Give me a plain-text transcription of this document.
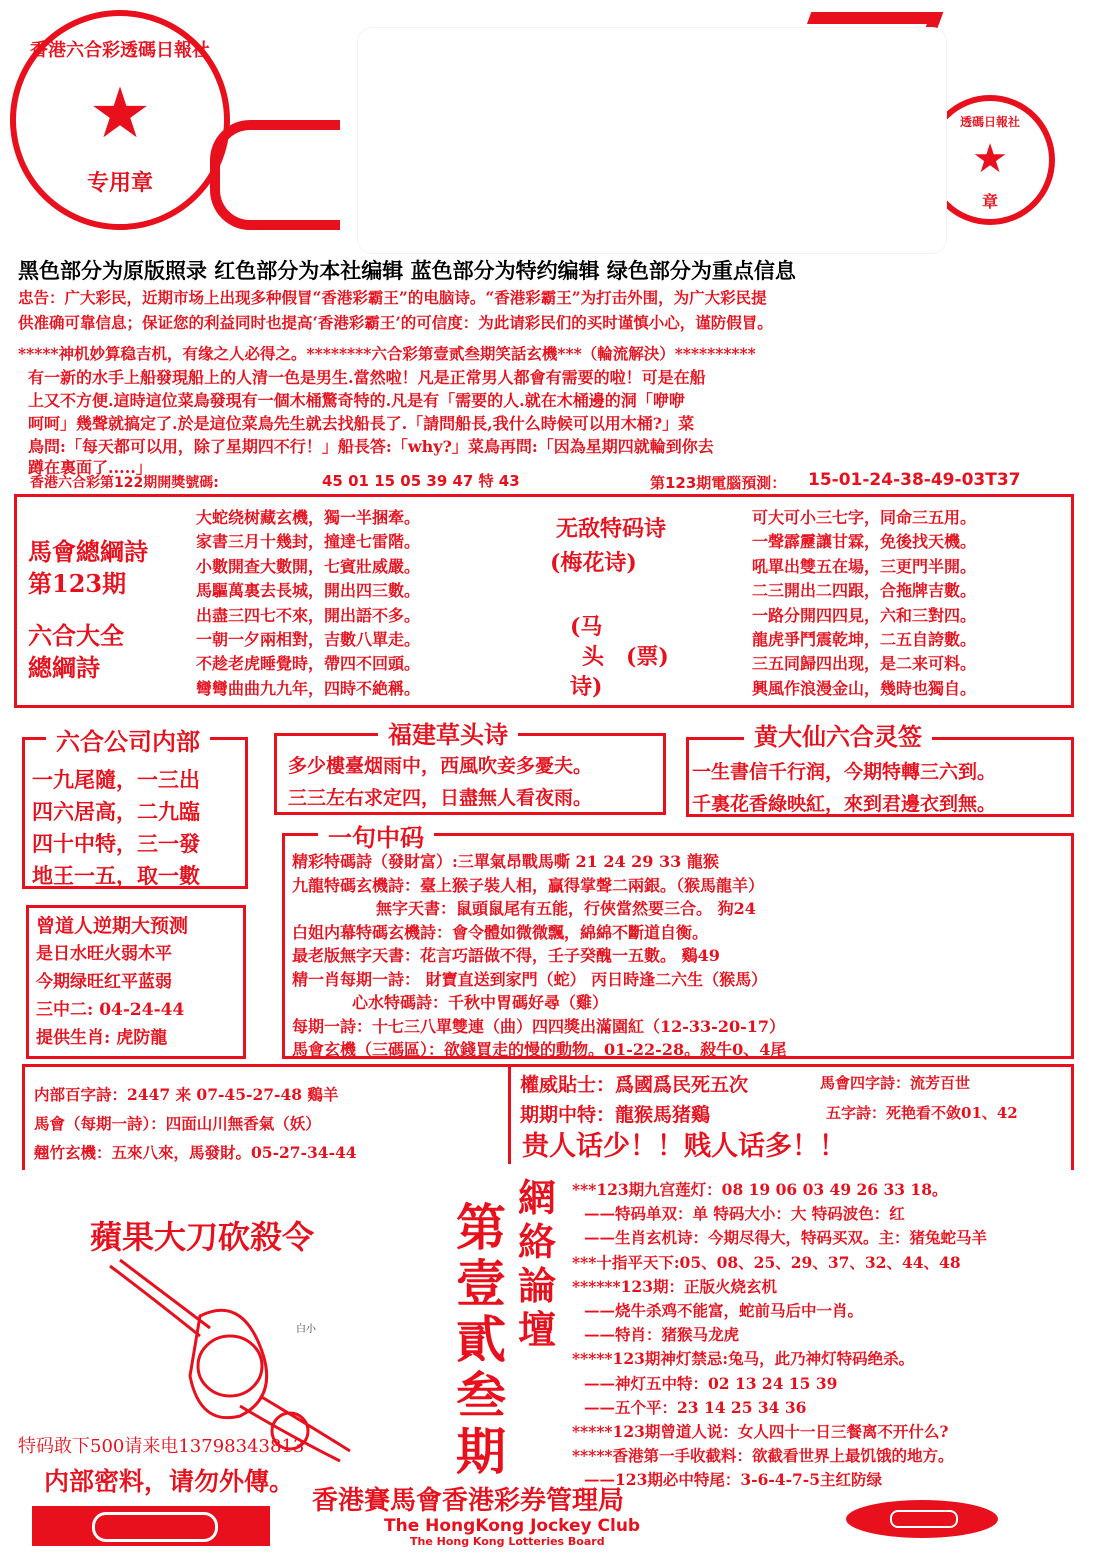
★
香港六合彩透碼日報社
专用章
★
透碼日報社
章
黑色部分为原版照录 红色部分为本社编辑 蓝色部分为特约编辑 绿色部分为重点信息
忠告：广大彩民，近期市场上出现多种假冒“香港彩霸王”的电脑诗。“香港彩霸王”为打击外围，为广大彩民提
供准确可靠信息；保证您的利益同时也提高‘香港彩霸王’的可信度：为此请彩民们的买时谨慎小心，谨防假冒。
*****神机妙算稳吉机，有缘之人必得之。********六合彩第壹贰叁期笑話玄機***（輪流解決）**********
有一新的水手上船發現船上的人清一色是男生.當然啦！凡是正常男人都會有需要的啦！可是在船
上又不方便.這時這位菜鳥發現有一個木桶驚奇特的.凡是有「需要的人.就在木桶邊的洞「咿咿
呵呵」幾聲就搞定了.於是這位菜鳥先生就去找船長了.「請問船長,我什么時候可以用木桶?」菜
鳥問:「每天都可以用，除了星期四不行！」船長答:「why?」菜鳥再問:「因為星期四就輪到你去
蹲在裏面了.....」
香港六合彩第122期開獎號碼:	45 01 15 05 39 47 特 43	第123期電腦預測： 15-01-24-38-49-03T37
馬會總綱詩
第123期
六合大全
總綱詩
大蛇绕树藏玄機，獨一半捆牽。
家書三月十幾封，撞達七雷階。
小數開查大數開，七賓壯威嚴。
馬驅萬裏去長城，開出四三數。
出盡三四七不來，開出語不多。
一朝一夕兩相對，吉數八單走。
不趁老虎睡覺時，帶四不回頭。
彎彎曲曲九九年，四時不絶稱。
无敌特码诗
(梅花诗)
(马
头
诗)
(票)
可大可小三七字，同命三五用。
一聲霹靂讓甘霖，免後找天機。
吼單出雙五在場，三更門半開。
二三開出二四跟，合拖牌吉數。
一路分開四四見，六和三對四。
龍虎爭鬥震乾坤，二五自誇數。
三五同歸四出现，是二来可料。
興風作浪漫金山，幾時也獨自。
六合公司内部
一九尾隨，一三出
四六居高，二九臨
四十中特，三一發
地王一五，取一數
福建草头诗
多少樓臺烟雨中，西風吹妾多憂夫。
三三左右求定四，日盡無人看夜雨。
黄大仙六合灵签
一生書信千行润，今期特轉三六到。
千裏花香綠映紅，來到君邊衣到無。
一句中码
精彩特碼詩（發財富）:三單氣昂戰馬嘶 21 24 29 33 龍猴
九龍特碼玄機詩：臺上猴子裝人相，贏得掌聲二兩銀。（猴馬龍羊）
無字天書：鼠頭鼠尾有五能，行俠當然要三合。 狗24
白姐内幕特碼玄機詩：會令體如微微飄，綿綿不斷道自衡。
最老版無字天書：花言巧語做不得，壬子癸醜一五數。 鷄49
精一肖每期一詩： 財寶直送到家門（蛇） 丙日時逢二六生（猴馬）
心水特碼詩：千秋中胃碼好尋（雞）
每期一詩：十七三八單雙連（曲）四四獎出滿園紅（12-33-20-17）
馬會玄機（三碼區）：欲錢買走的慢的動物。01-22-28。殺牛0、4尾
曾道人逆期大预测
是日水旺火弱木平
今期绿旺红平蓝弱
三中二: 04-24-44
提供生肖: 虎防龍
内部百字詩：2447 来 07-45-27-48 鷄羊
馬會（每期一詩）：四面山川無香氣（妖）
翹竹玄機：五來八來，馬發財。05-27-34-44
權威貼士：爲國爲民死五次
期期中特：龍猴馬猪鷄
馬會四字詩：流芳百世
五字詩：死艳看不敛01、42
贵人话少！！贱人话多！！
蘋果大刀砍殺令
白小
特码敢下500请来电13798343813
内部密料，请勿外傳。
網
絡
論
壇
第
壹
貳
叁
期
***123期九宫莲灯：08 19 06 03 49 26 33 18。
——特码单双：单 特码大小：大 特码波色：红
——生肖玄机诗：今期尽得大，特码买双。主：猪兔蛇马羊
***十指平天下:05、08、25、29、37、32、44、48
******123期：正版火烧玄机
——烧牛杀鸡不能富，蛇前马后中一肖。
——特肖：猪猴马龙虎
*****123期神灯禁忌:兔马，此乃神灯特码绝杀。
——神灯五中特：02 13 24 15 39
——五个平：23 14 25 34 36
*****123期曾道人说：女人四十一日三餐离不开什么?
*****香港第一手收截料：欲截看世界上最饥饿的地方。
——123期必中特尾：3-6-4-7-5主红防绿
香港賽馬會香港彩券管理局
The HongKong Jockey Club
The Hong Kong Lotteries Board
